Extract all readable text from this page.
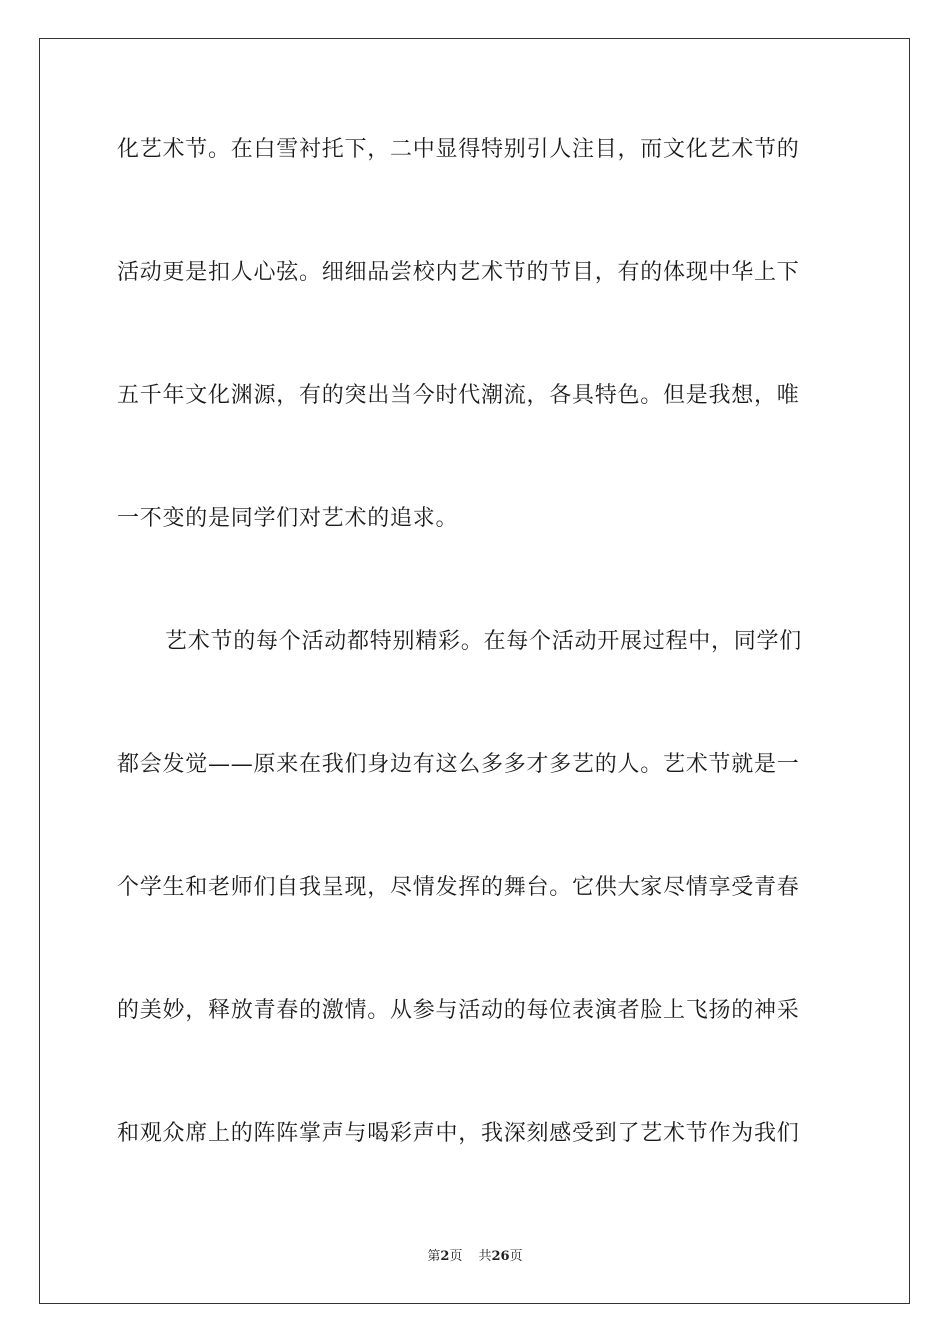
化艺术节。在白雪衬托下，二中显得特别引人注目，而文化艺术节的
活动更是扣人心弦。细细品尝校内艺术节的节目，有的体现中华上下
五千年文化渊源，有的突出当今时代潮流，各具特色。但是我想，唯
一不变的是同学们对艺术的追求。
艺术节的每个活动都特别精彩。在每个活动开展过程中，同学们
都会发觉——原来在我们身边有这么多多才多艺的人。艺术节就是一
个学生和老师们自我呈现，尽情发挥的舞台。它供大家尽情享受青春
的美妙，释放青春的激情。从参与活动的每位表演者脸上飞扬的神采
和观众席上的阵阵掌声与喝彩声中，我深刻感受到了艺术节作为我们
第2页 共26页
